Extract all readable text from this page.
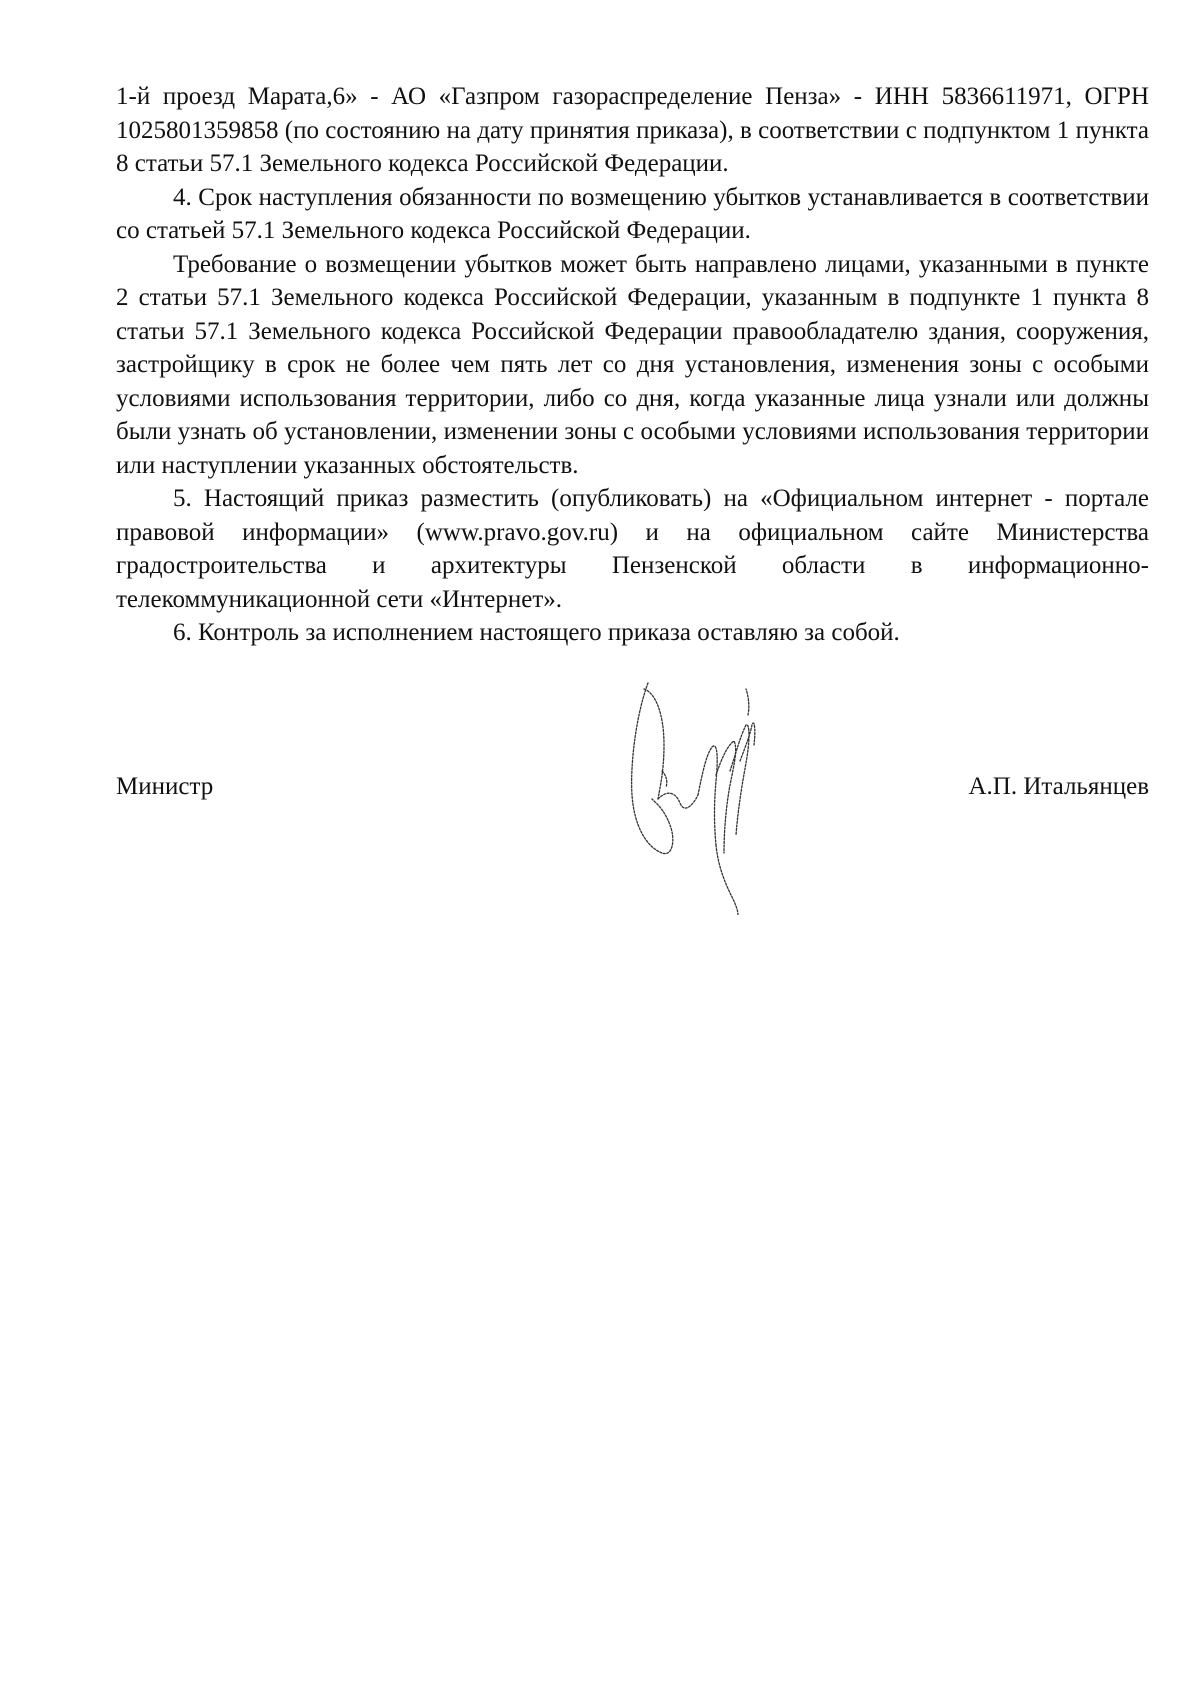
1-й проезд Марата,6» - АО «Газпром газораспределение Пенза» - ИНН 5836611971, ОГРН 1025801359858 (по состоянию на дату принятия приказа), в соответствии с подпунктом 1 пункта 8 статьи 57.1 Земельного кодекса Российской Федерации.

4. Срок наступления обязанности по возмещению убытков устанавливается в соответствии со статьей 57.1 Земельного кодекса Российской Федерации.

Требование о возмещении убытков может быть направлено лицами, указанными в пункте 2 статьи 57.1 Земельного кодекса Российской Федерации, указанным в подпункте 1 пункта 8 статьи 57.1 Земельного кодекса Российской Федерации правообладателю здания, сооружения, застройщику в срок не более чем пять лет со дня установления, изменения зоны с особыми условиями использования территории, либо со дня, когда указанные лица узнали или должны были узнать об установлении, изменении зоны с особыми условиями использования территории или наступлении указанных обстоятельств.

5. Настоящий приказ разместить (опубликовать) на «Официальном интернет - портале правовой информации» (www.pravo.gov.ru) и на официальном сайте Министерства градостроительства и архитектуры Пензенской области в информационно-телекоммуникационной сети «Интернет».

6. Контроль за исполнением настоящего приказа оставляю за собой.

Министр	А.П. Итальянцев
